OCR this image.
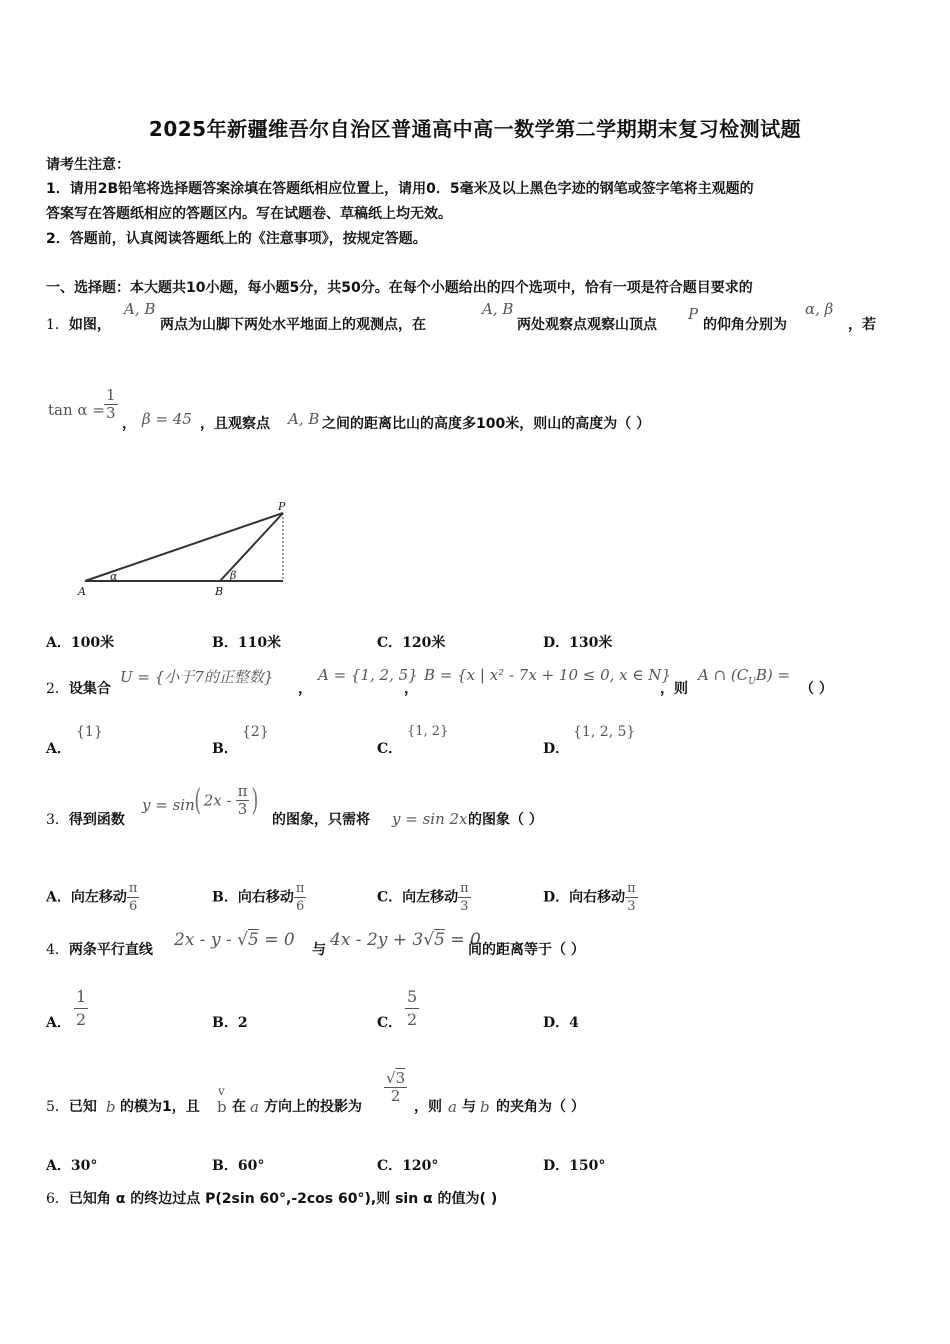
2025年新疆维吾尔自治区普通高中高一数学第二学期期末复习检测试题
请考生注意：
1．请用2B铅笔将选择题答案涂填在答题纸相应位置上，请用0．5毫米及以上黑色字迹的钢笔或签字笔将主观题的
答案写在答题纸相应的答题区内。写在试题卷、草稿纸上均无效。
2．答题前，认真阅读答题纸上的《注意事项》，按规定答题。
一、选择题：本大题共10小题，每小题5分，共50分。在每个小题给出的四个选项中，恰有一项是符合题目要求的
1．如图，
A, B
两点为山脚下两处水平地面上的观测点，在
A, B
两处观察点观察山顶点
P
的仰角分别为
α, β
，若
$\tan \alpha = \frac{1}{3}$
， β = 45 ，且观察点 A, B 之间的距离比山的高度多100米，则山的高度为（ ）
A	B
P
α	β
A．100米	B．110米	C．120米	D．130米
2．设集合
U = {小于7的正整数}
，
A = {1, 2, 5}
，
B = {x | x² - 7x + 10 ≤ 0, x ∈ N}
，则
A ∩ $(C_UB)$ =
（ ）
A．
{1}
B．
{2}
C．
{1, 2}
D．
{1, 2, 5}
3．得到函数
y = sin ( $2x - \frac{\pi}{3}$ )
的图象，只需将 y = sin 2x 的图象（ ）
A．向左移动 $\frac{\pi}{6}$	B．向右移动 $\frac{\pi}{6}$	C．向左移动 $\frac{\pi}{3}$	D．向右移动 $\frac{\pi}{3}$
4．两条平行直线 2x - y - √5 = 0 与 4x - 2y + 3√5 = 0
间的距离等于（ ）
A． $\frac{1}{2}$	B．2	C． $\frac{5}{2}$	D．4
5．已知 b 的模为1，且
v
b 在 a 方向上的投影为
$\frac{√3}{2}$
，则 a 与 b 的夹角为（ ）
A．30°	B．60°	C．120°	D．150°
6．已知角 α 的终边过点 P(2sin 60°,-2cos 60°),则 sin α 的值为( )
